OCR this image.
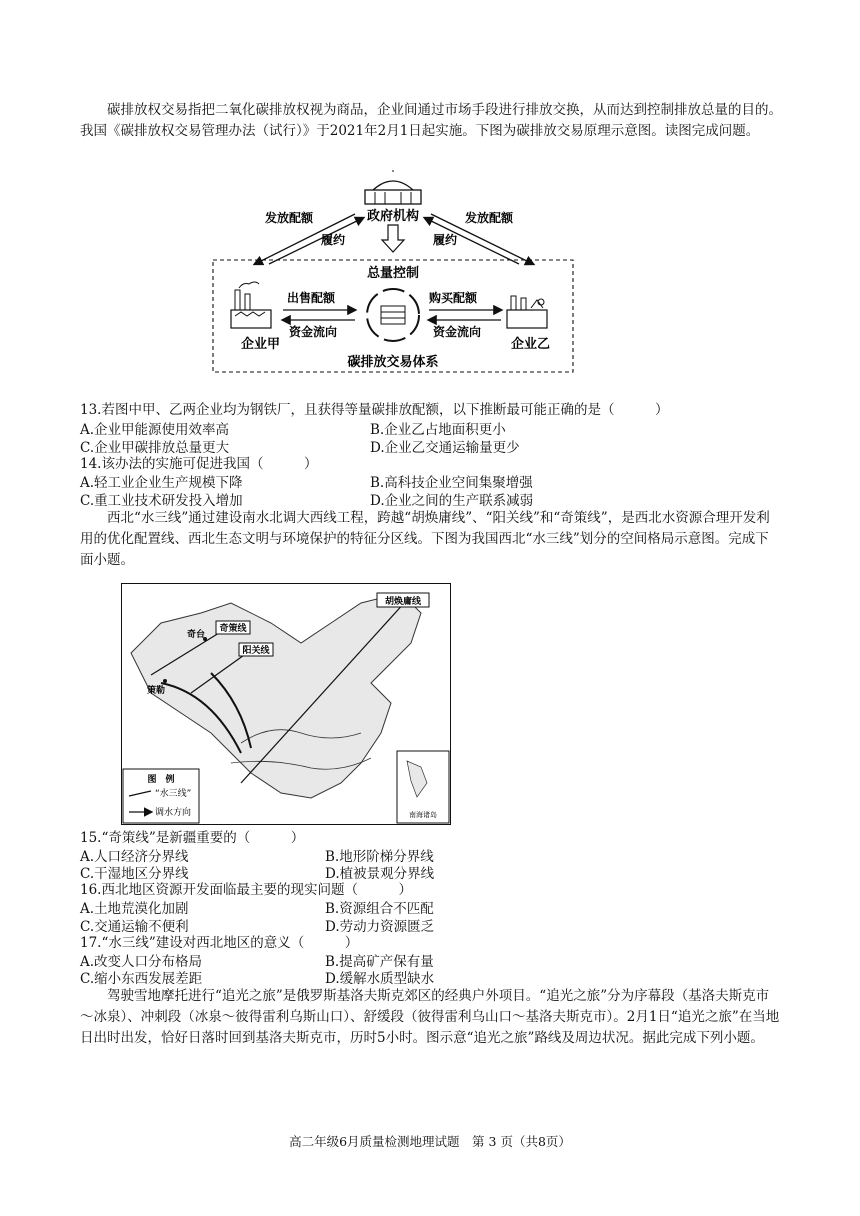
碳排放权交易指把二氧化碳排放权视为商品，企业间通过市场手段进行排放交换，从而达到控制排放总量的目的。我国《碳排放权交易管理办法（试行）》于2021年2月1日起实施。下图为碳排放交易原理示意图。读图完成问题。
政府机构
发放配额	发放配额
履约	履约
总量控制
企业甲	企业乙
出售配额
资金流向
购买配额
资金流向
碳排放交易体系
13.若图中甲、乙两企业均为钢铁厂，且获得等量碳排放配额，以下推断最可能正确的是（　　　）
A.企业甲能源使用效率高	B.企业乙占地面积更小
C.企业甲碳排放总量更大	D.企业乙交通运输量更少
14.该办法的实施可促进我国（　　　）
A.轻工业企业生产规模下降	B.高科技企业空间集聚增强
C.重工业技术研发投入增加	D.企业之间的生产联系减弱
西北“水三线”通过建设南水北调大西线工程，跨越“胡焕庸线”、“阳关线”和“奇策线”，是西北水资源合理开发利用的优化配置线、西北生态文明与环境保护的特征分区线。下图为我国西北“水三线”划分的空间格局示意图。完成下面小题。
胡焕庸线
奇策线
阳关线
奇台
策勒
图　例
“水三线”
调水方向	南海诸岛
15.“奇策线”是新疆重要的（　　　）
A.人口经济分界线	B.地形阶梯分界线
C.干湿地区分界线	D.植被景观分界线
16.西北地区资源开发面临最主要的现实问题（　　　）
A.土地荒漠化加剧	B.资源组合不匹配
C.交通运输不便利	D.劳动力资源匮乏
17.“水三线”建设对西北地区的意义（　　　）
A.改变人口分布格局	B.提高矿产保有量
C.缩小东西发展差距	D.缓解水质型缺水
驾驶雪地摩托进行“追光之旅”是俄罗斯基洛夫斯克郊区的经典户外项目。“追光之旅”分为序幕段（基洛夫斯克市～冰泉）、冲刺段（冰泉～彼得雷利乌斯山口）、舒缓段（彼得雷利乌山口～基洛夫斯克市）。2月1日“追光之旅”在当地日出时出发，恰好日落时回到基洛夫斯克市，历时5小时。图示意“追光之旅”路线及周边状况。据此完成下列小题。
高二年级6月质量检测地理试题　第 3 页（共8页）
